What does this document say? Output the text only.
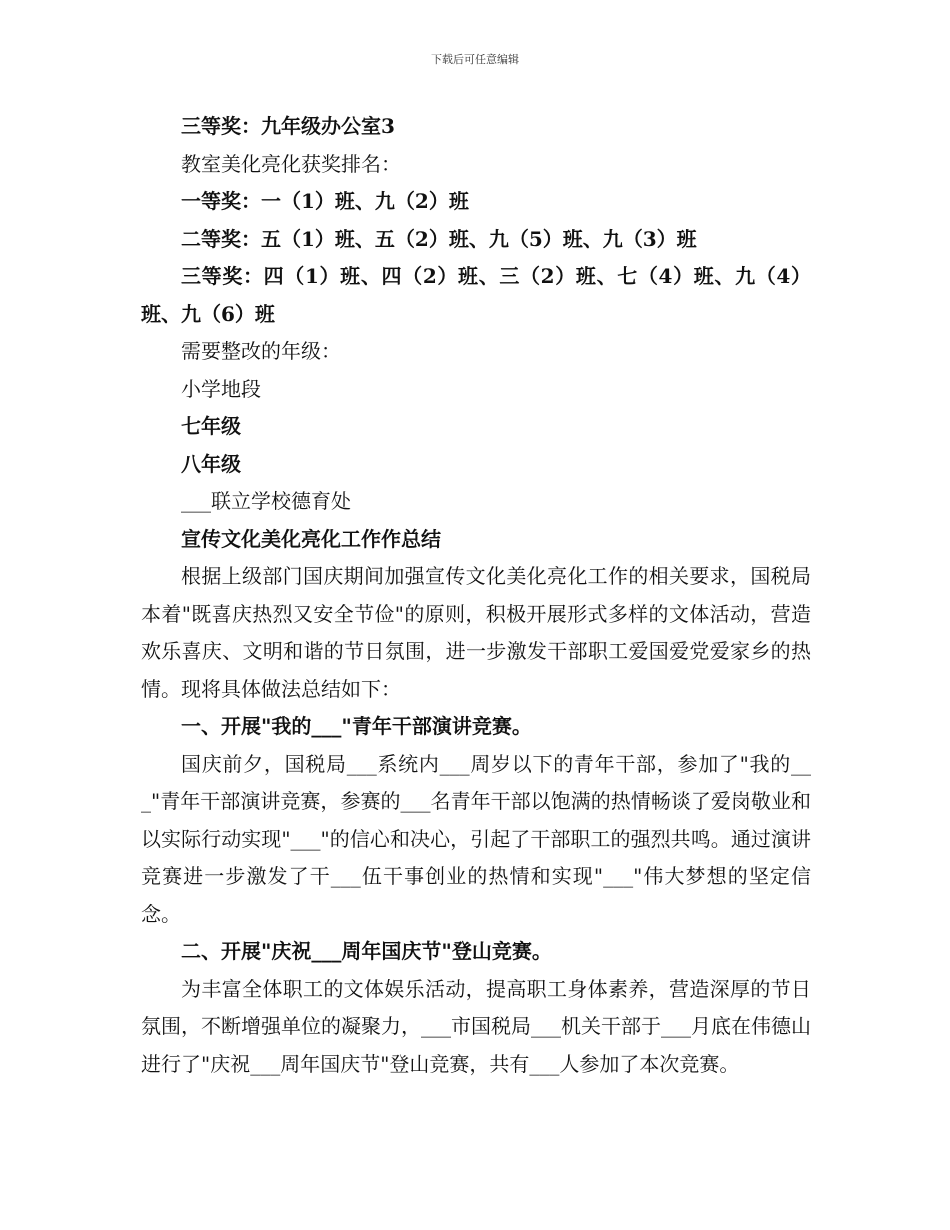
下载后可任意编辑

三等奖：九年级办公室3

教室美化亮化获奖排名：

一等奖：一（1）班、九（2）班

二等奖：五（1）班、五（2）班、九（5）班、九（3）班

三等奖：四（1）班、四（2）班、三（2）班、七（4）班、九（4）班、九（6）班

需要整改的年级：

小学地段

七年级

八年级

___联立学校德育处

宣传文化美化亮化工作作总结

根据上级部门国庆期间加强宣传文化美化亮化工作的相关要求，国税局本着"既喜庆热烈又安全节俭"的原则，积极开展形式多样的文体活动，营造欢乐喜庆、文明和谐的节日氛围，进一步激发干部职工爱国爱党爱家乡的热情。现将具体做法总结如下：

一、开展"我的___"青年干部演讲竞赛。

国庆前夕，国税局___系统内___周岁以下的青年干部，参加了"我的___"青年干部演讲竞赛，参赛的___名青年干部以饱满的热情畅谈了爱岗敬业和以实际行动实现"___"的信心和决心，引起了干部职工的强烈共鸣。通过演讲竞赛进一步激发了干___伍干事创业的热情和实现"___"伟大梦想的坚定信念。

二、开展"庆祝___周年国庆节"登山竞赛。

为丰富全体职工的文体娱乐活动，提高职工身体素养，营造深厚的节日氛围，不断增强单位的凝聚力，___市国税局___机关干部于___月底在伟德山进行了"庆祝___周年国庆节"登山竞赛，共有___人参加了本次竞赛。
